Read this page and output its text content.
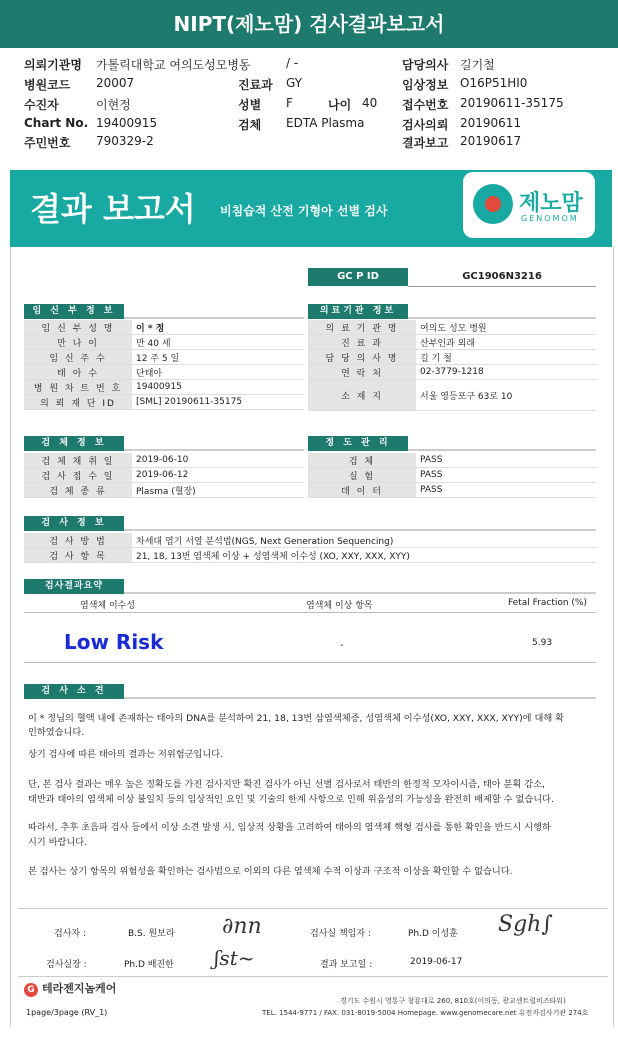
NIPT(제노맘) 검사결과보고서
의뢰기관명 가톨릭대학교 여의도성모병동	/ -	담당의사 길기철
병원코드 20007	진료과 GY	임상정보 O16P51HI0
수진자	이현정	성별 F	나이 40 접수번호 20190611-35175
Chart No. 19400915	검체 EDTA Plasma	검사의뢰 20190611
주민번호 790329-2	결과보고 20190617
결과 보고서 비침습적 산전 기형아 선별 검사	제노맘
GENOMOM
GC P ID	GC1906N3216
임 신 부 정 보
임 신 부 성 명	이 * 정
만 나 이	만 40 세
임 신 주 수	12 주 5 일
태 아 수	단태아
병 원 차 트 번 호	19400915
의 뢰 재 단 ID	[SML] 20190611-35175
의료기관 정보
의 료 기 관 명	여의도 성모 병원
진 료 과	산부인과 외래
담 당 의 사 명	길 기 철
연 락 처	02-3779-1218
소 재 지	서울 영등포구 63로 10
검 체 정 보
검 체 채 취 일	2019-06-10
검 사 접 수 일	2019-06-12
검 체 종 류	Plasma (혈장)
정 도 관 리
검 체	PASS
실 험	PASS
데 이 터	PASS
검 사 정 보
검 사 방 법	차세대 염기 서열 분석법(NGS, Next Generation Sequencing)
검 사 항 목	21, 18, 13번 염색체 이상 + 성염색체 이수성 (XO, XXY, XXX, XYY)
검사결과요약
염색체 이수성	염색체 이상 항목	Fetal Fraction (%)
Low Risk	-	5.93
검 사 소 견
이 * 정님의 혈액 내에 존재하는 태아의 DNA를 분석하여 21, 18, 13번 삼염색체증, 성염색체 이수성(XO, XXY, XXX, XYY)에 대해 확
인하였습니다.
상기 검사에 따른 태아의 결과는 저위험군입니다.
단, 본 검사 결과는 매우 높은 정확도를 가진 검사지만 확진 검사가 아닌 선별 검사로서 태반의 한정적 모자이시즘, 태아 분획 감소,
태반과 태아의 염색체 이상 불일치 등의 임상적인 요인 및 기술의 한계 사항으로 인해 위음성의 가능성을 완전히 배제할 수 없습니다.
따라서, 추후 초음파 검사 등에서 이상 소견 발생 시, 임상적 상황을 고려하여 태아의 염색체 핵형 검사를 통한 확인을 반드시 시행하
시기 바랍니다.
본 검사는 상기 항목의 위험성을 확인하는 검사법으로 이외의 다른 염색체 수적 이상과 구조적 이상을 확인할 수 없습니다.
검사자 :	B.S. 원보라 ∂nn	검사실 책임자 :	Ph.D 이성훈 Sgh∫
검사실장 :	Ph.D 배진한 ʃst~	결과 보고일 :	2019-06-17
G 테라젠지놈케어
경기도 수원시 영통구 창룡대로 260, 810호(이의동, 광교센트럴비즈타워)
TEL. 1544-9771 / FAX. 031-8019-5004 Homepage. www.genomecare.net 유전자검사기관 274호
1page/3page (RV_1)
